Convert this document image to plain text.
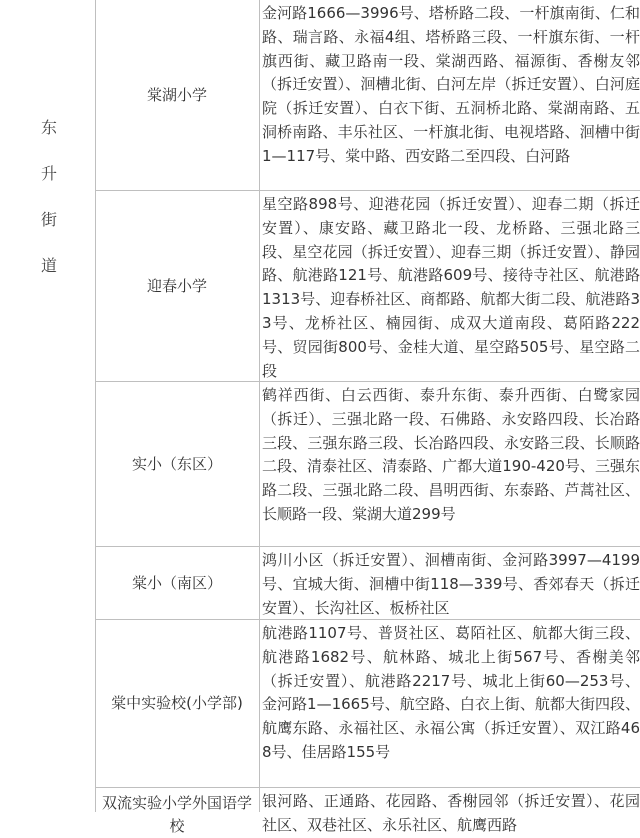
东
升
街
道
棠湖小学
金河路1666—3996号、塔桥路二段、一杆旗南街、仁和路、瑞言路、永福4组、塔桥路三段、一杆旗东街、一杆旗西街、藏卫路南一段、棠湖西路、福源街、香榭友邻（拆迁安置）、洄槽北街、白河左岸（拆迁安置）、白河庭院（拆迁安置）、白衣下街、五洞桥北路、棠湖南路、五洞桥南路、丰乐社区、一杆旗北街、电视塔路、洄槽中街1—117号、棠中路、西安路二至四段、白河路
迎春小学
星空路898号、迎港花园（拆迁安置）、迎春二期（拆迁安置）、康安路、藏卫路北一段、龙桥路、三强北路三段、星空花园（拆迁安置）、迎春三期（拆迁安置）、静园路、航港路121号、航港路609号、接待寺社区、航港路1313号、迎春桥社区、商都路、航都大街二段、航港路33号、龙桥社区、楠园街、成双大道南段、葛陌路222号、贸园街800号、金桂大道、星空路505号、星空路二段
实小（东区）
鹤祥西街、白云西街、泰升东街、泰升西街、白鹭家园（拆迁）、三强北路一段、石佛路、永安路四段、长冶路三段、三强东路三段、长冶路四段、永安路三段、长顺路二段、清泰社区、清泰路、广都大道190-420号、三强东路二段、三强北路二段、昌明西街、东泰路、芦蒿社区、长顺路一段、棠湖大道299号
棠小（南区）
鸿川小区（拆迁安置）、洄槽南街、金河路3997—4199号、宜城大街、洄槽中街118—339号、香郊春天（拆迁安置）、长沟社区、板桥社区
棠中实验校(小学部)
航港路1107号、普贤社区、葛陌社区、航都大街三段、航港路1682号、航林路、城北上街567号、香榭美邻（拆迁安置）、航港路2217号、城北上街60—253号、金河路1—1665号、航空路、白衣上街、航都大街四段、航鹰东路、永福社区、永福公寓（拆迁安置）、双江路468号、佳居路155号
双流实验小学外国语学校
银河路、正通路、花园路、香榭园邻（拆迁安置）、花园社区、双巷社区、永乐社区、航鹰西路
